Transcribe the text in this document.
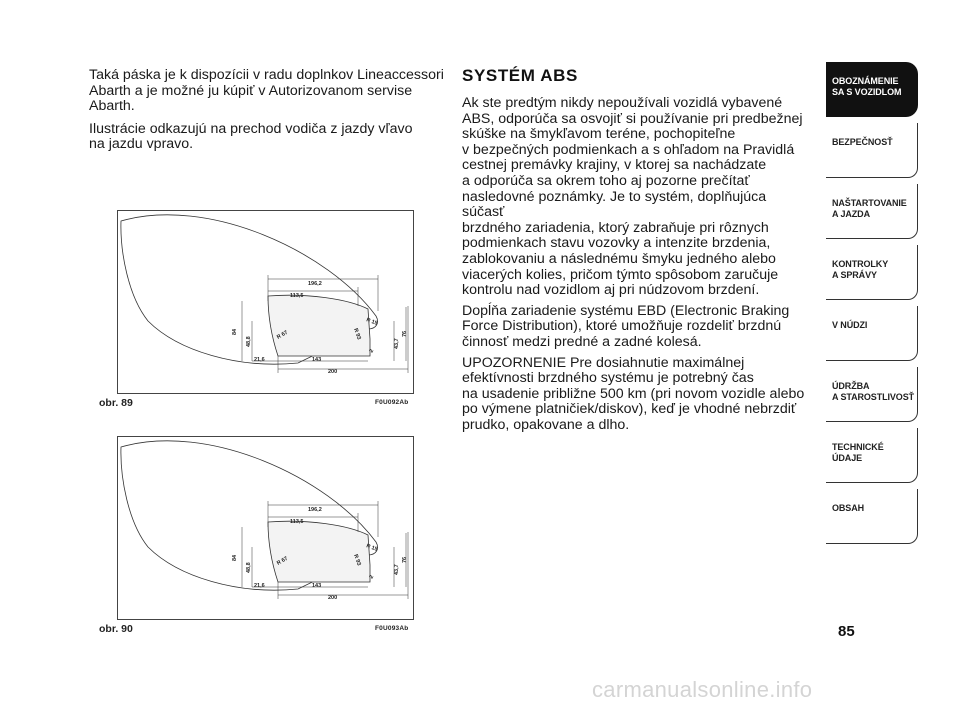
Taká páska je k dispozícii v radu doplnkov Lineaccessori
Abarth a je možné ju kúpiť v Autorizovanom servise
Abarth.

Ilustrácie odkazujú na prechod vodiča z jazdy vľavo
na jazdu vpravo.

196,2
113,5
84
48,8
R 67
R 15
R 93
43,7
76
21,6	143
2
200
obr. 89	F0U092Ab
196,2
113,5
84
48,8
R 67
R 15
R 93
43,7
76
21,6	143
2
200
obr. 90	F0U093Ab
SYSTÉM ABS

Ak ste predtým nikdy nepoužívali vozidlá vybavené
ABS, odporúča sa osvojiť si používanie pri predbežnej
skúške na šmykľavom teréne, pochopiteľne
v bezpečných podmienkach a s ohľadom na Pravidlá
cestnej premávky krajiny, v ktorej sa nachádzate
a odporúča sa okrem toho aj pozorne prečítať
nasledovné poznámky. Je to systém, doplňujúca súčasť
brzdného zariadenia, ktorý zabraňuje pri rôznych
podmienkach stavu vozovky a intenzite brzdenia,
zablokovaniu a následnému šmyku jedného alebo
viacerých kolies, pričom týmto spôsobom zaručuje
kontrolu nad vozidlom aj pri núdzovom brzdení.

Dopĺňa zariadenie systému EBD (Electronic Braking
Force Distribution), ktoré umožňuje rozdeliť brzdnú
činnosť medzi predné a zadné kolesá.

UPOZORNENIE Pre dosiahnutie maximálnej
efektívnosti brzdného systému je potrebný čas
na usadenie približne 500 km (pri novom vozidle alebo
po výmene platničiek/diskov), keď je vhodné nebrzdiť
prudko, opakovane a dlho.

OBOZNÁMENIE
SA S VOZIDLOM
BEZPEČNOSŤ
NAŠTARTOVANIE
A JAZDA
KONTROLKY
A SPRÁVY
V NÚDZI
ÚDRŽBA
A STAROSTLIVOSŤ
TECHNICKÉ
ÚDAJE
OBSAH
85
carmanualsonline.info
